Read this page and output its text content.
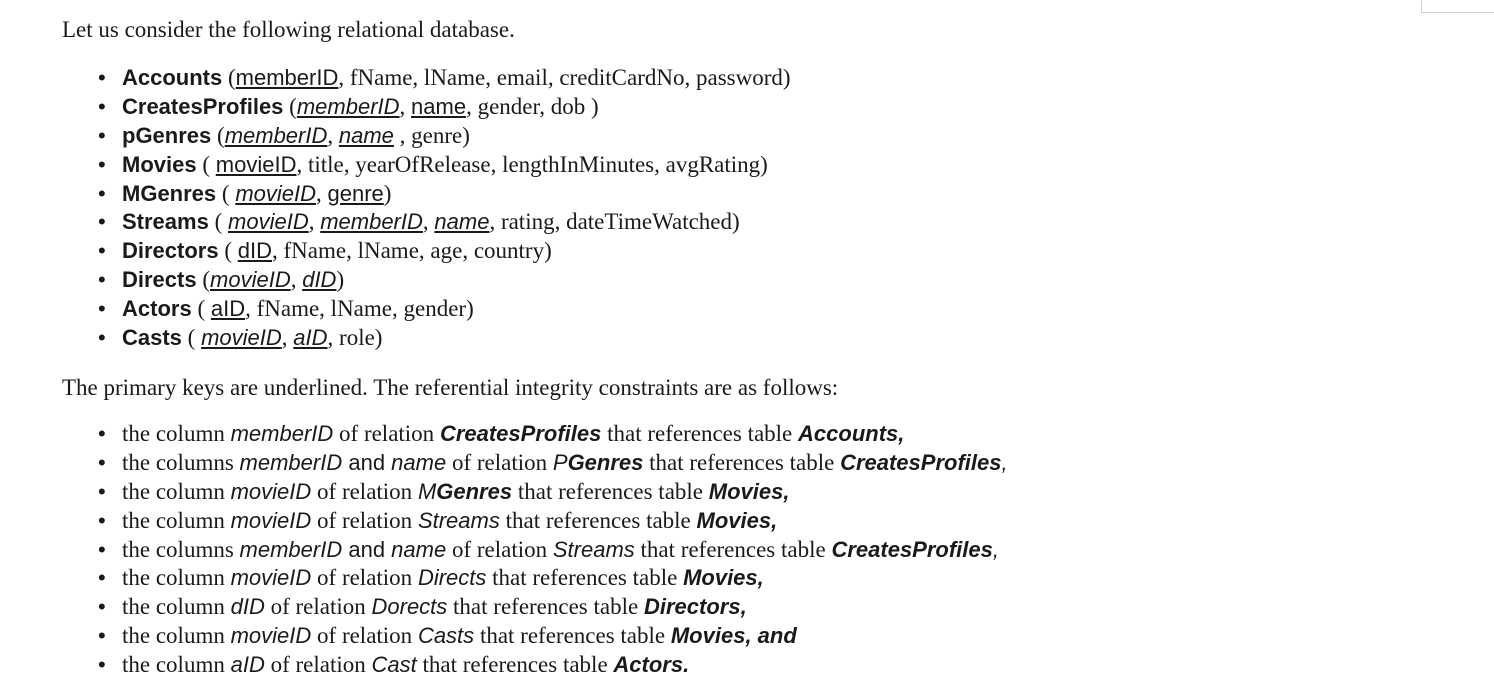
Let us consider the following relational database.

• Accounts (memberID, fName, lName, email, creditCardNo, password)
• CreatesProfiles (memberID, name, gender, dob )
• pGenres (memberID, name , genre)
• Movies ( movieID, title, yearOfRelease, lengthInMinutes, avgRating)
• MGenres ( movieID, genre)
• Streams ( movieID, memberID, name, rating, dateTimeWatched)
• Directors ( dID, fName, lName, age, country)
• Directs (movieID, dID)
• Actors ( aID, fName, lName, gender)
• Casts ( movieID, aID, role)

The primary keys are underlined. The referential integrity constraints are as follows:

• the column memberID of relation CreatesProfiles that references table Accounts,
• the columns memberID and name of relation PGenres that references table CreatesProfiles,
• the column movieID of relation MGenres that references table Movies,
• the column movieID of relation Streams that references table Movies,
• the columns memberID and name of relation Streams that references table CreatesProfiles,
• the column movieID of relation Directs that references table Movies,
• the column dID of relation Dorects that references table Directors,
• the column movieID of relation Casts that references table Movies, and
• the column aID of relation Cast that references table Actors.
